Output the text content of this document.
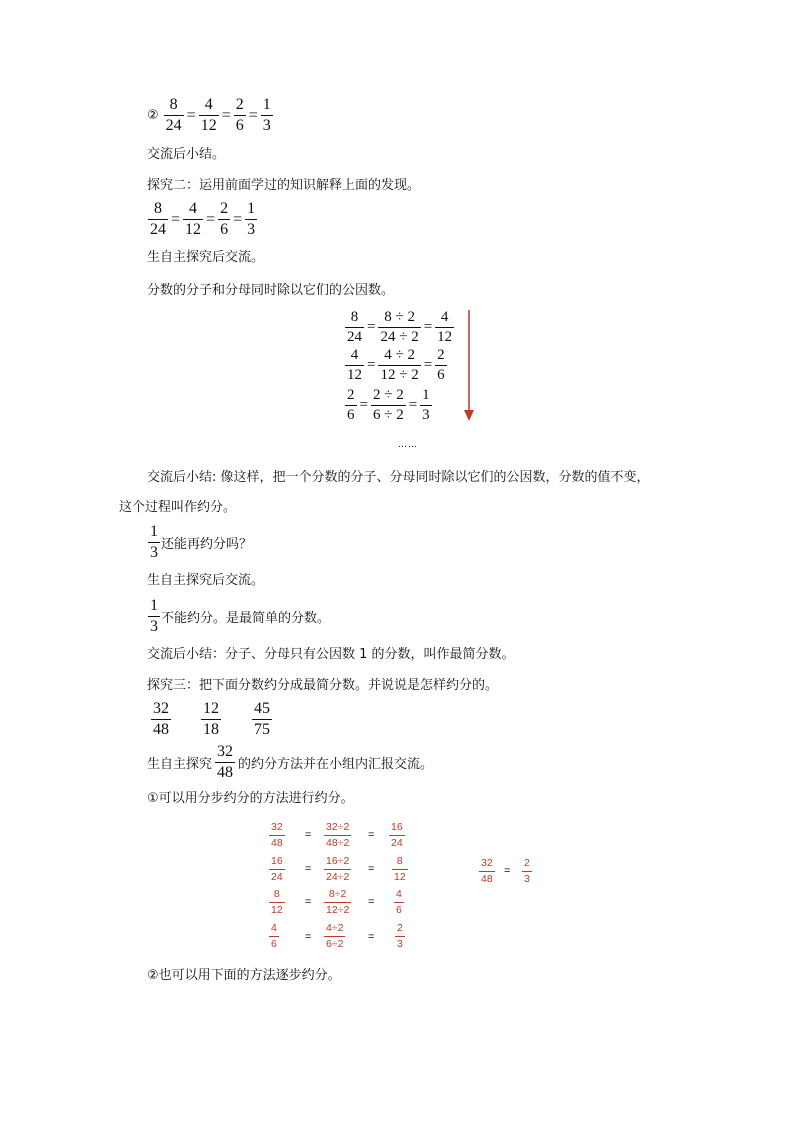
② $\frac{8}{24} = \frac{4}{12} = \frac{2}{6} = \frac{1}{3}$
交流后小结。
探究二：运用前面学过的知识解释上面的发现。
$\frac{8}{24} = \frac{4}{12} = \frac{2}{6} = \frac{1}{3}$
生自主探究后交流。
分数的分子和分母同时除以它们的公因数。
$\frac{8}{24} = \frac{8 \div 2}{24 \div 2} = \frac{4}{12}$
$\frac{4}{12} = \frac{4 \div 2}{12 \div 2} = \frac{2}{6}$
$\frac{2}{6} = \frac{2 \div 2}{6 \div 2} = \frac{1}{3}$
……
交流后小结: 像这样，把一个分数的分子、分母同时除以它们的公因数，分数的值不变，
这个过程叫作约分。
1
3 还能再约分吗？
生自主探究后交流。
1
3 不能约分。是最简单的分数。
交流后小结：分子、分母只有公因数 1 的分数，叫作最简分数。
探究三：把下面分数约分成最简分数。并说说是怎样约分的。
32
48
12
18
45
75
生自主探究
32
48 的约分方法并在小组内汇报交流。
①可以用分步约分的方法进行约分。
32
48
=
32÷2
48÷2
=
16
24
16
24
=
16÷2
24÷2
=
8
12
8
12
=
8÷2
12÷2
=
4
6
4
6
=
4÷2
6÷2
=
2
3
32
48
=
2
3
②也可以用下面的方法逐步约分。
